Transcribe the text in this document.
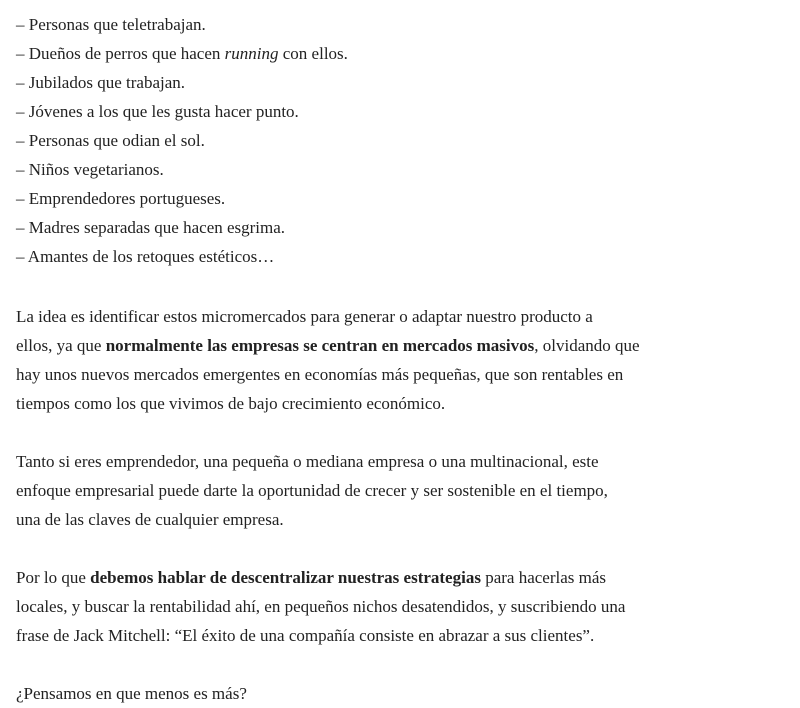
– Personas que teletrabajan.
– Dueños de perros que hacen running con ellos.
– Jubilados que trabajan.
– Jóvenes a los que les gusta hacer punto.
– Personas que odian el sol.
– Niños vegetarianos.
– Emprendedores portugueses.
– Madres separadas que hacen esgrima.
– Amantes de los retoques estéticos…

La idea es identificar estos micromercados para generar o adaptar nuestro producto a
ellos, ya que normalmente las empresas se centran en mercados masivos, olvidando que
hay unos nuevos mercados emergentes en economías más pequeñas, que son rentables en
tiempos como los que vivimos de bajo crecimiento económico.

Tanto si eres emprendedor, una pequeña o mediana empresa o una multinacional, este
enfoque empresarial puede darte la oportunidad de crecer y ser sostenible en el tiempo,
una de las claves de cualquier empresa.

Por lo que debemos hablar de descentralizar nuestras estrategias para hacerlas más
locales, y buscar la rentabilidad ahí, en pequeños nichos desatendidos, y suscribiendo una
frase de Jack Mitchell: “El éxito de una compañía consiste en abrazar a sus clientes”.

¿Pensamos en que menos es más?
